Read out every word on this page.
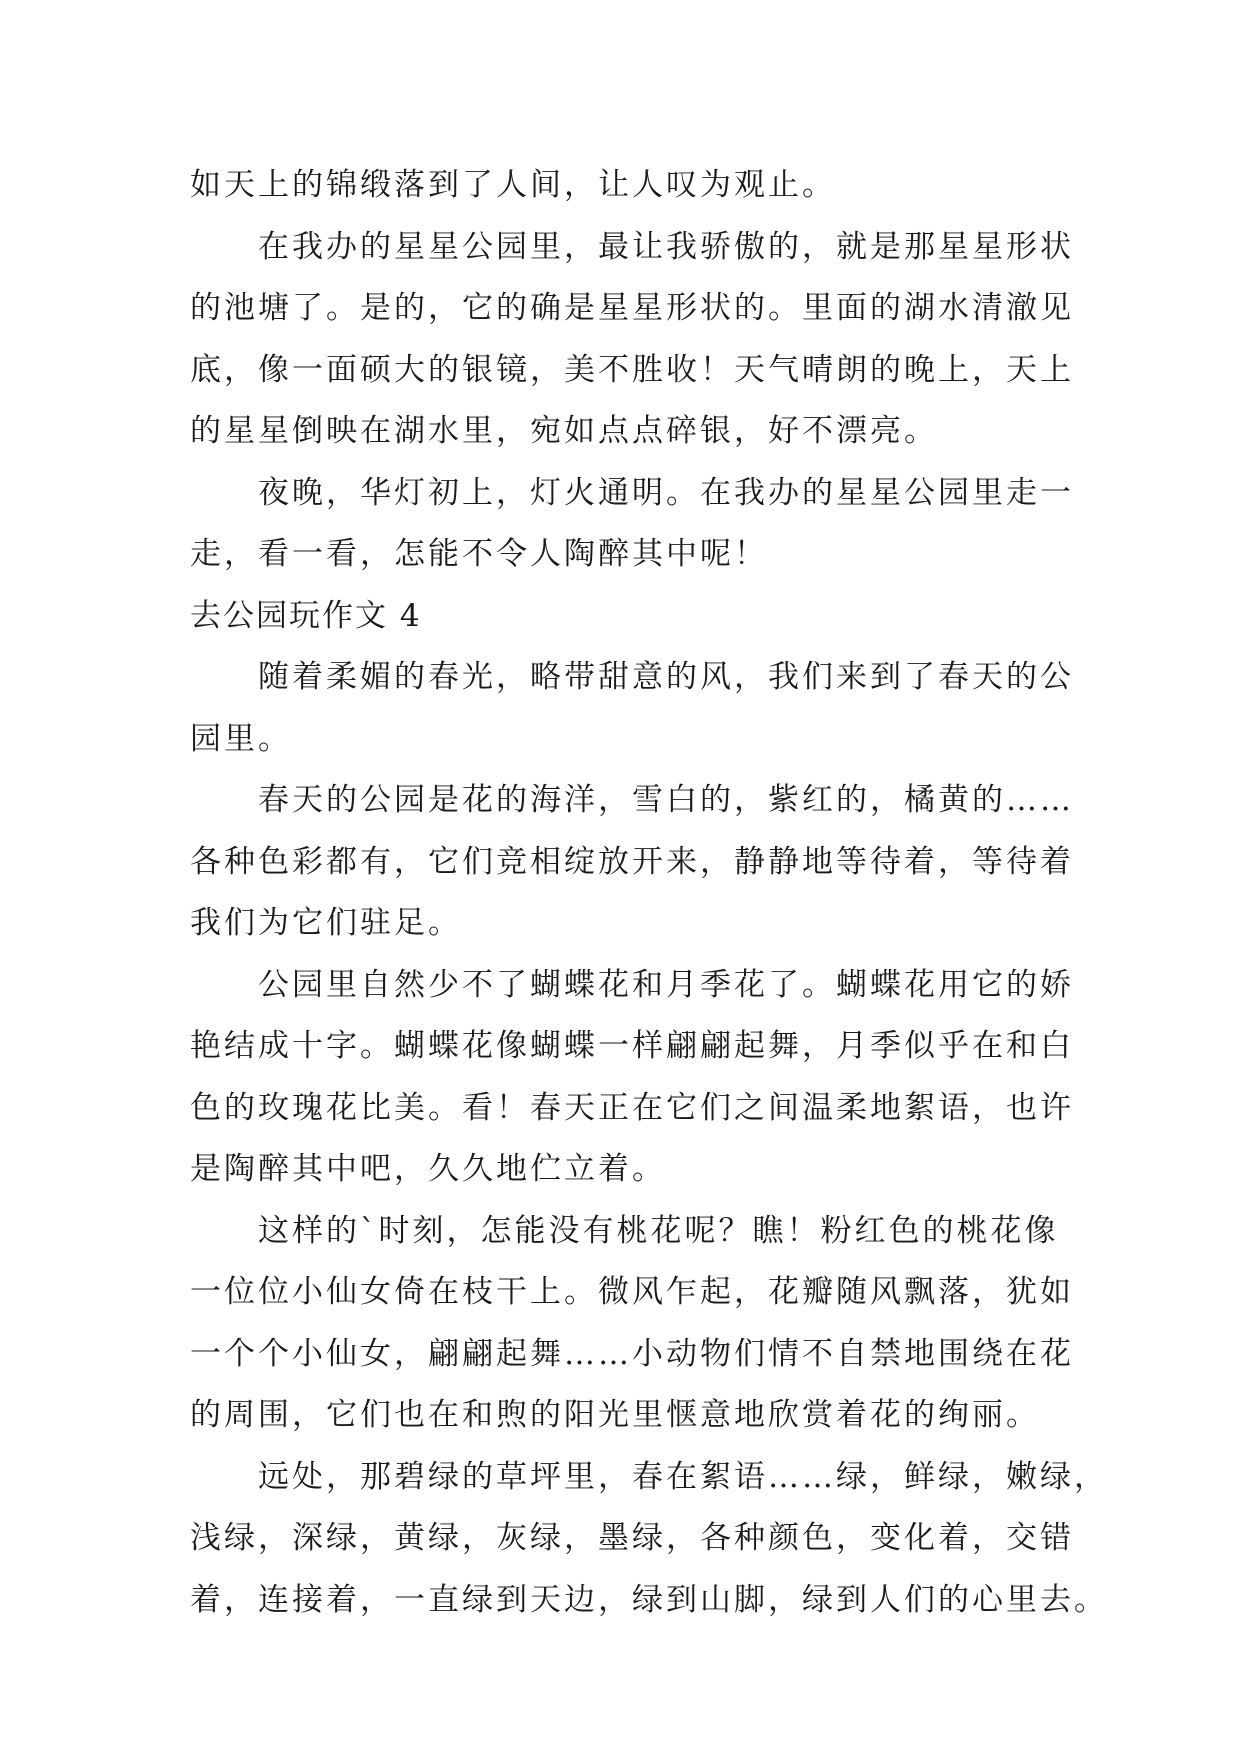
如天上的锦缎落到了人间，让人叹为观止。
在我办的星星公园里，最让我骄傲的，就是那星星形状
的池塘了。是的，它的确是星星形状的。里面的湖水清澈见
底，像一面硕大的银镜，美不胜收！天气晴朗的晚上，天上
的星星倒映在湖水里，宛如点点碎银，好不漂亮。
夜晚，华灯初上，灯火通明。在我办的星星公园里走一
走，看一看，怎能不令人陶醉其中呢！
去公园玩作文 4
随着柔媚的春光，略带甜意的风，我们来到了春天的公
园里。
春天的公园是花的海洋，雪白的，紫红的，橘黄的……
各种色彩都有，它们竞相绽放开来，静静地等待着，等待着
我们为它们驻足。
公园里自然少不了蝴蝶花和月季花了。蝴蝶花用它的娇
艳结成十字。蝴蝶花像蝴蝶一样翩翩起舞，月季似乎在和白
色的玫瑰花比美。看！春天正在它们之间温柔地絮语，也许
是陶醉其中吧，久久地伫立着。
这样的`时刻，怎能没有桃花呢？瞧！粉红色的桃花像
一位位小仙女倚在枝干上。微风乍起，花瓣随风飘落，犹如
一个个小仙女，翩翩起舞……小动物们情不自禁地围绕在花
的周围，它们也在和煦的阳光里惬意地欣赏着花的绚丽。
远处，那碧绿的草坪里，春在絮语……绿，鲜绿，嫩绿，
浅绿，深绿，黄绿，灰绿，墨绿，各种颜色，变化着，交错
着，连接着，一直绿到天边，绿到山脚，绿到人们的心里去。
